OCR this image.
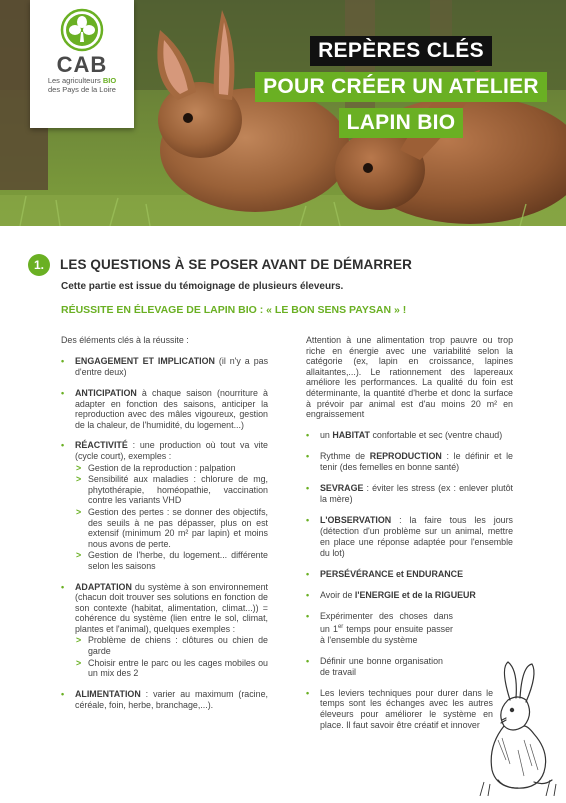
CAB
Les agriculteurs BIO
des Pays de la Loire
REPÈRES CLÉS
POUR CRÉER UN ATELIER
LAPIN BIO
1.	LES QUESTIONS À SE POSER AVANT DE DÉMARRER
Cette partie est issue du témoignage de plusieurs éleveurs.
RÉUSSITE EN ÉLEVAGE DE LAPIN BIO : « LE BON SENS PAYSAN » !

Des éléments clés à la réussite :

• ENGAGEMENT ET IMPLICATION (il n'y a pas d'entre deux)
• ANTICIPATION à chaque saison (nourriture à adapter en fonction des saisons, anticiper la reproduction avec des mâles vigoureux, gestion de la chaleur, de l'humidité, du logement...)
• RÉACTIVITÉ : une production où tout va vite (cycle court), exemples :
> Gestion de la reproduction : palpation
> Sensibilité aux maladies : chlorure de mg, phytothérapie, homéopathie, vaccination contre les variants VHD
> Gestion des pertes : se donner des objectifs, des seuils à ne pas dépasser, plus on est extensif (minimum 20 m² par lapin) et moins nous avons de perte.
> Gestion de l'herbe, du logement... différente selon les saisons
• ADAPTATION du système à son environnement (chacun doit trouver ses solutions en fonction de son contexte (habitat, alimentation, climat...)) = cohérence du système (lien entre le sol, climat, plantes et l'animal), quelques exemples :
> Problème de chiens : clôtures ou chien de garde
> Choisir entre le parc ou les cages mobiles ou un mix des 2
• ALIMENTATION : varier au maximum (racine, céréale, foin, herbe, branchage,...).

Attention à une alimentation trop pauvre ou trop riche en énergie avec une variabilité selon la catégorie (ex, lapin en croissance, lapines allaitantes,...). Le rationnement des lapereaux améliore les performances. La qualité du foin est déterminante, la quantité d'herbe et donc la surface à prévoir par animal est d'au moins 20 m² en engraissement

• un HABITAT confortable et sec (ventre chaud)
• Rythme de REPRODUCTION : le définir et le tenir (des femelles en bonne santé)
• SEVRAGE : éviter les stress (ex : enlever plutôt la mère)
• L'OBSERVATION : la faire tous les jours (détection d'un problème sur un animal, mettre en place une réponse adaptée pour l'ensemble du lot)
• PERSÉVÉRANCE et ENDURANCE
• Avoir de l'ENERGIE et de la RIGUEUR
• Expérimenter des choses dans un 1er temps pour ensuite passer à l'ensemble du système
• Définir une bonne organisation de travail
• Les leviers techniques pour durer dans le temps sont les échanges avec les autres éleveurs pour améliorer le système en place. Il faut savoir être créatif et innover
